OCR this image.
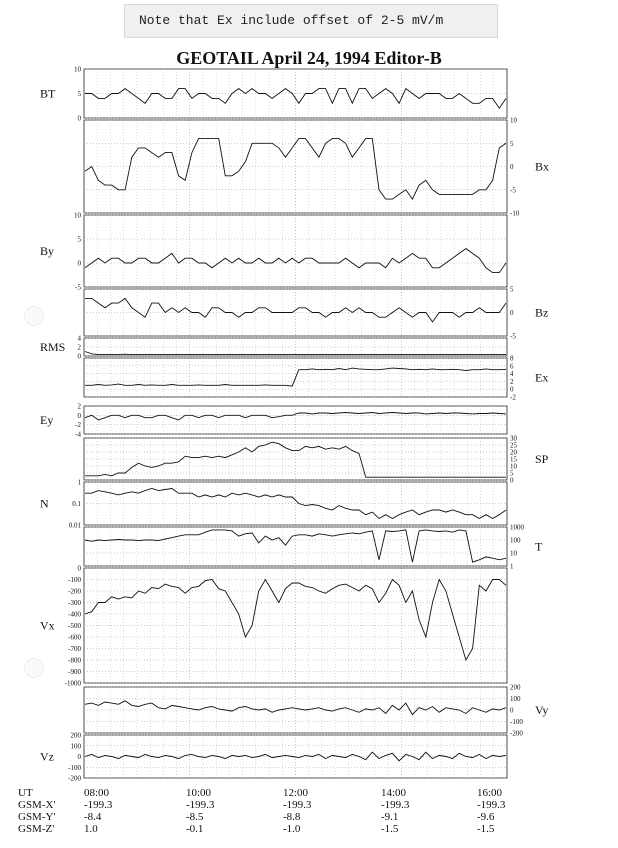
Note that Ex include offset of 2-5 mV/m
GEOTAIL April 24, 1994 Editor-B
10
5
0
BT
10
5
0
-5
-10
Bx
10
5
0
-5
By
5
0
-5
Bz
4
2
0
RMS
8
6
4
2
0
-2
Ex
2
0
-2
-4
Ey
30
25
20
15
10
5
0
SP
1
0.1
0.01
N
1000
100
10
1
T
0
-100
-200
-300
-400
-500
-600
-700
-800
-900
-1000
Vx
200
100
0
-100
-200
Vy
200
100
0
-100
-200
Vz
UT
GSM-X'
GSM-Y'
GSM-Z'
08:00
-199.3
-8.4
1.0
10:00
-199.3
-8.5
-0.1
12:00
-199.3
-8.8
-1.0
14:00
-199.3
-9.1
-1.5
16:00
-199.3
-9.6
-1.5
